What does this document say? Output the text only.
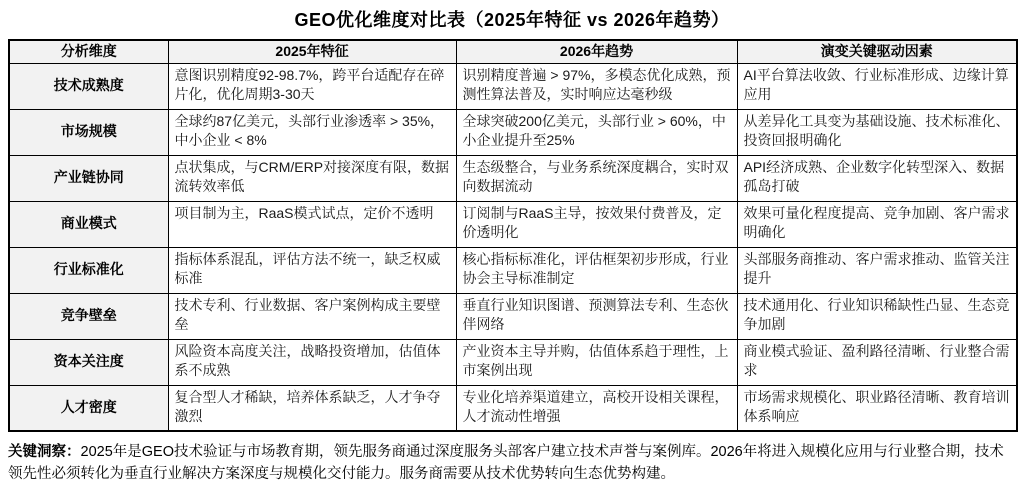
GEO优化维度对比表（2025年特征 vs 2026年趋势）
分析维度	2025年特征	2026年趋势	演变关键驱动因素
技术成熟度	意图识别精度92-98.7%，跨平台适配存在碎片化，优化周期3-30天	识别精度普遍 > 97%，多模态优化成熟，预测性算法普及，实时响应达毫秒级	AI平台算法收敛、行业标准形成、边缘计算应用
市场规模	全球约87亿美元，头部行业渗透率 > 35%，中小企业 < 8%	全球突破200亿美元，头部行业 > 60%，中小企业提升至25%	从差异化工具变为基础设施、技术标准化、投资回报明确化
产业链协同	点状集成，与CRM/ERP对接深度有限，数据流转效率低	生态级整合，与业务系统深度耦合，实时双向数据流动	API经济成熟、企业数字化转型深入、数据孤岛打破
商业模式	项目制为主，RaaS模式试点，定价不透明	订阅制与RaaS主导，按效果付费普及，定价透明化	效果可量化程度提高、竞争加剧、客户需求明确化
行业标准化	指标体系混乱，评估方法不统一，缺乏权威标准	核心指标标准化，评估框架初步形成，行业协会主导标准制定	头部服务商推动、客户需求推动、监管关注提升
竞争壁垒	技术专利、行业数据、客户案例构成主要壁垒	垂直行业知识图谱、预测算法专利、生态伙伴网络	技术通用化、行业知识稀缺性凸显、生态竞争加剧
资本关注度	风险资本高度关注，战略投资增加，估值体系不成熟	产业资本主导并购，估值体系趋于理性，上市案例出现	商业模式验证、盈利路径清晰、行业整合需求
人才密度	复合型人才稀缺，培养体系缺乏，人才争夺激烈	专业化培养渠道建立，高校开设相关课程，人才流动性增强	市场需求规模化、职业路径清晰、教育培训体系响应

关键洞察：2025年是GEO技术验证与市场教育期，领先服务商通过深度服务头部客户建立技术声誉与案例库。2026年将进入规模化应用与行业整合期，技术领先性必须转化为垂直行业解决方案深度与规模化交付能力。服务商需要从技术优势转向生态优势构建。
